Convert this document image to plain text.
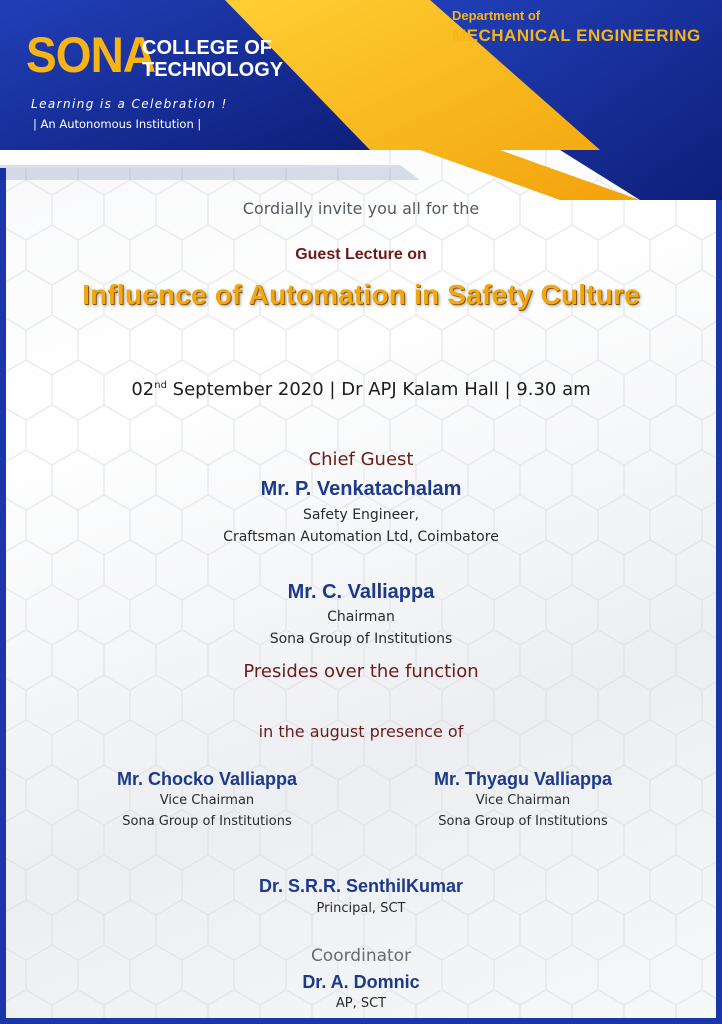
SONA
COLLEGE OF
TECHNOLOGY
Learning is a Celebration !
| An Autonomous Institution |
Department of
MECHANICAL ENGINEERING
Cordially invite you all for the
Guest Lecture on
Influence of Automation in Safety Culture
02nd September 2020 | Dr APJ Kalam Hall | 9.30 am
Chief Guest
Mr. P. Venkatachalam
Safety Engineer,
Craftsman Automation Ltd, Coimbatore
Mr. C. Valliappa
Chairman
Sona Group of Institutions
Presides over the function
in the august presence of
Mr. Chocko Valliappa
Vice Chairman
Sona Group of Institutions
Mr. Thyagu Valliappa
Vice Chairman
Sona Group of Institutions
Dr. S.R.R. SenthilKumar
Principal, SCT
Coordinator
Dr. A. Domnic
AP, SCT
